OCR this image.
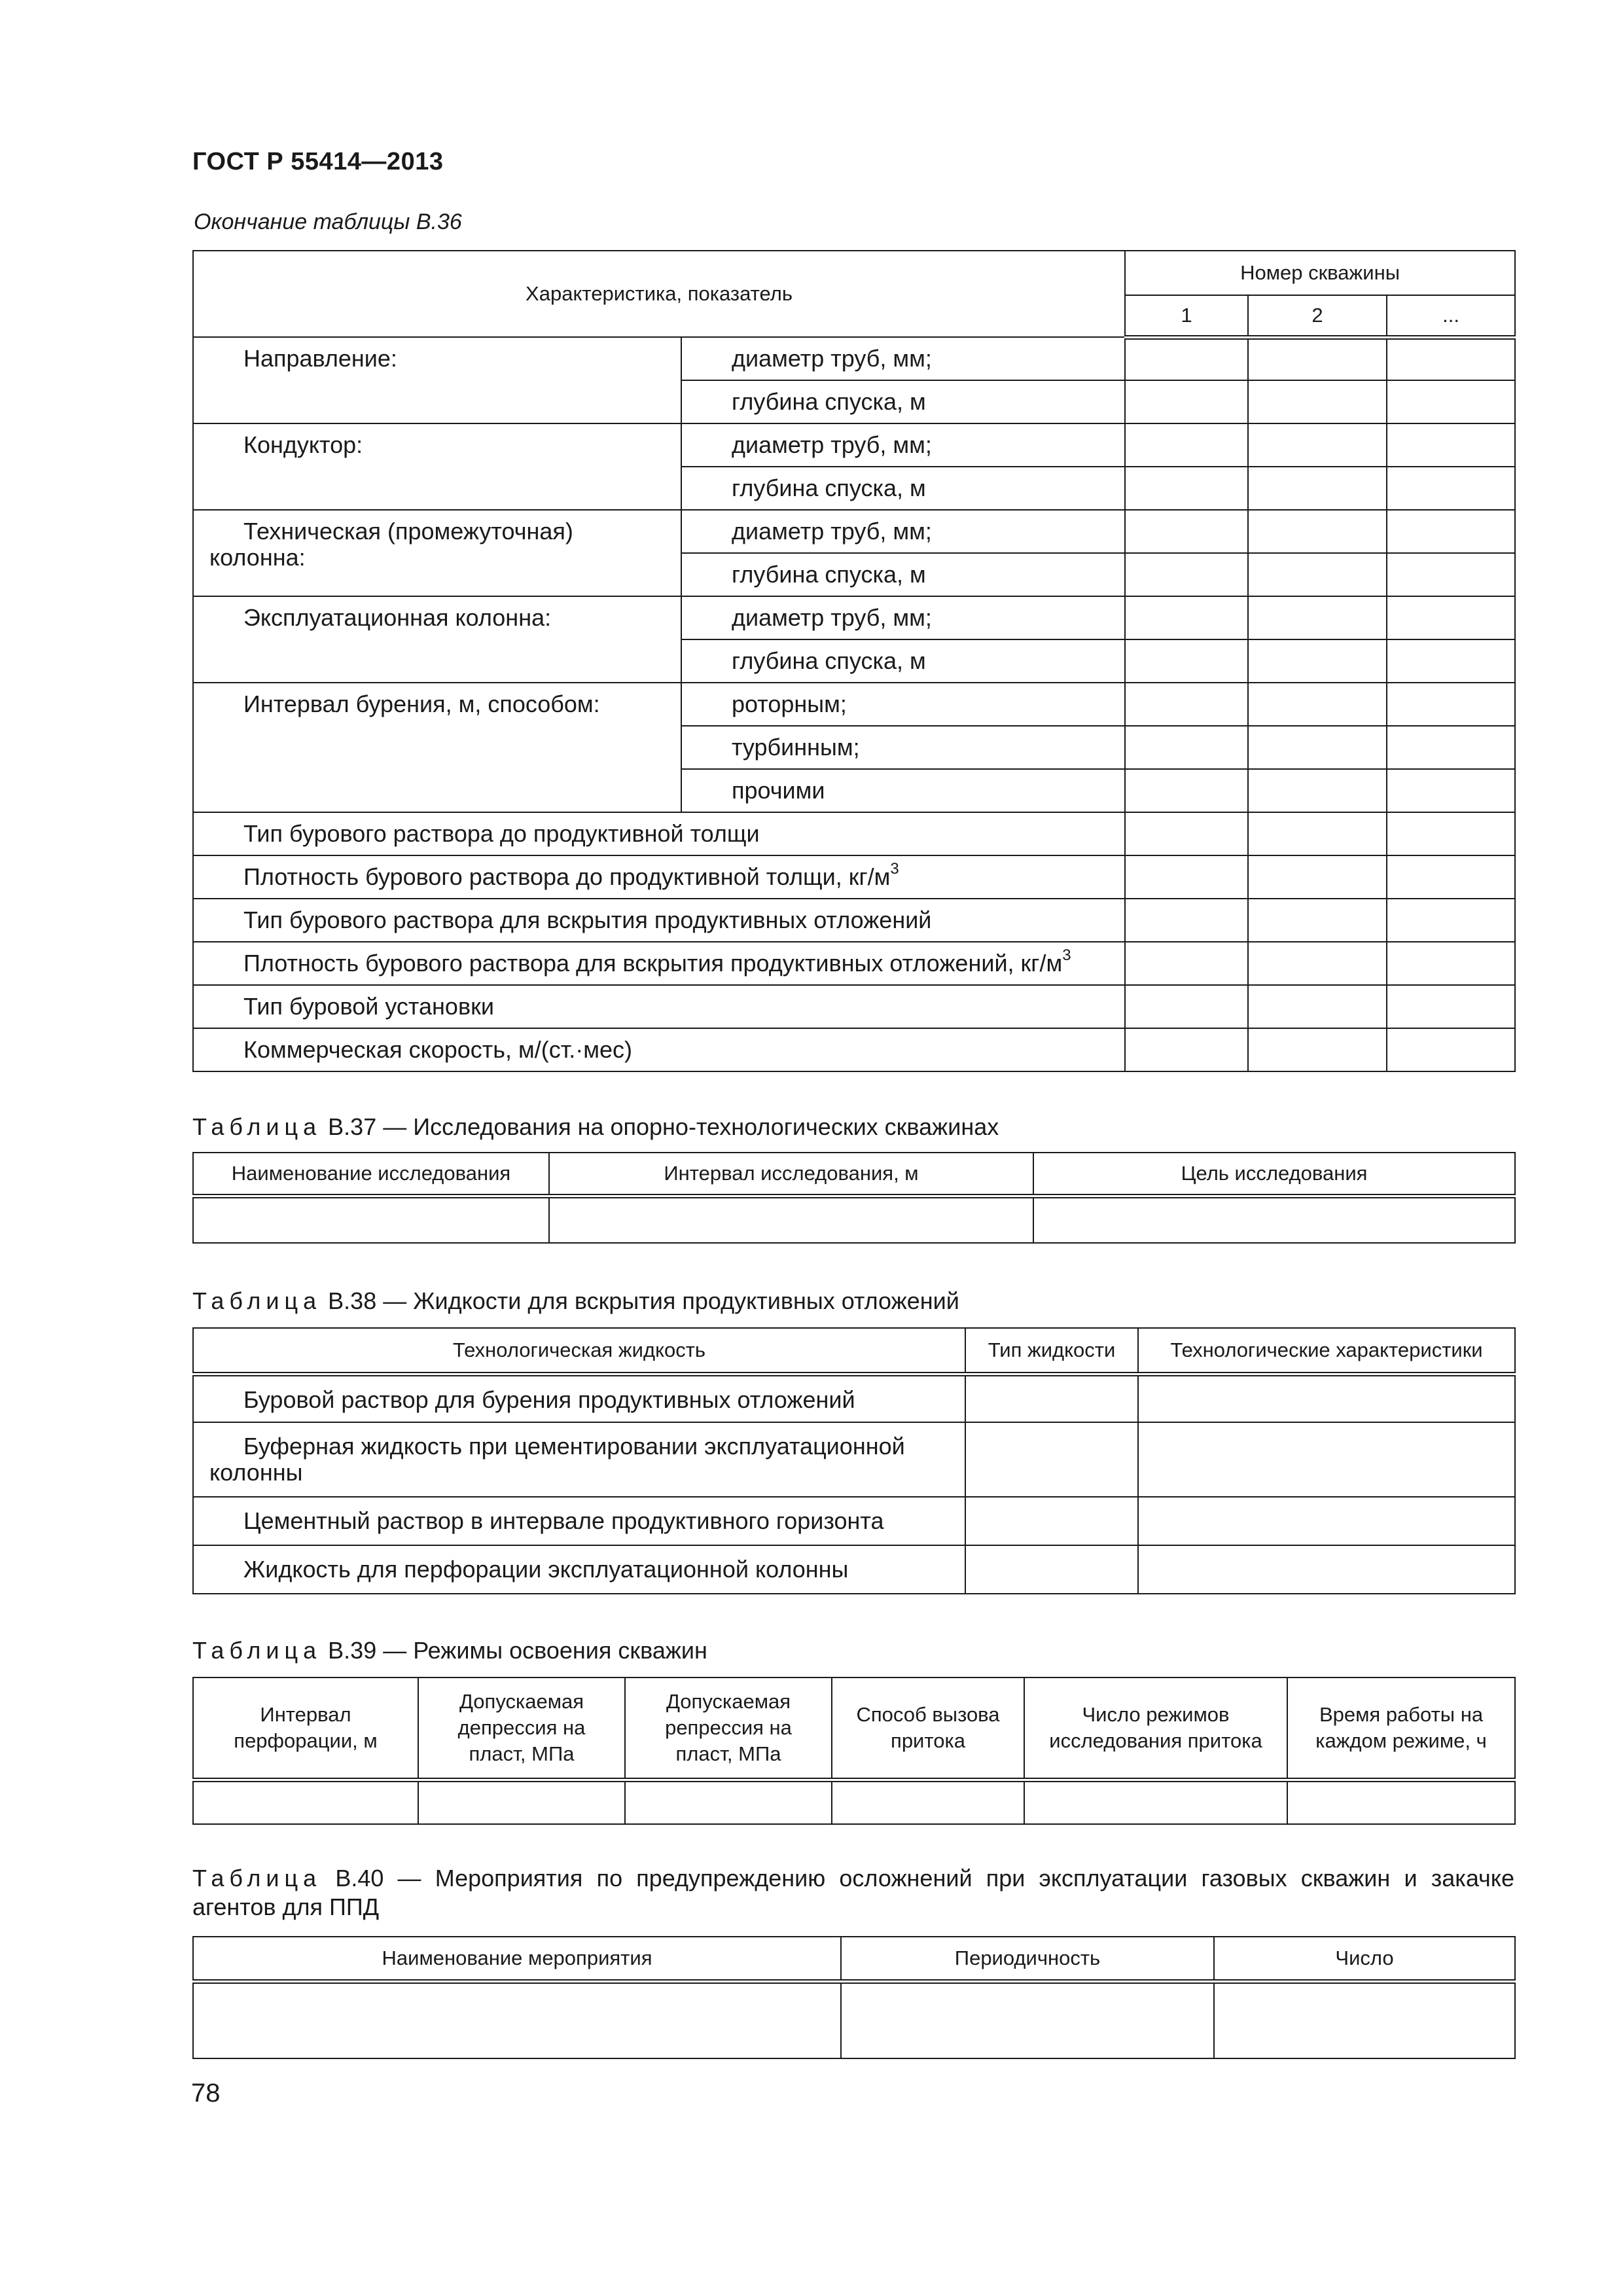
ГОСТ Р 55414—2013
Окончание таблицы В.36
Характеристика, показатель		Номер скважины		
		1	2	...
Направление:	диаметр труб, мм;			
	глубина спуска, м			
Кондуктор:	диаметр труб, мм;			
	глубина спуска, м			

Техническая (промежуточная)
колонна:	диаметр труб, мм;			
	глубина спуска, м			
Эксплуатационная колонна:	диаметр труб, мм;			
	глубина спуска, м			
Интервал бурения, м, способом:	роторным;			
	турбинным;			
	прочими			
Тип бурового раствора до продуктивной толщи				
Плотность бурового раствора до продуктивной толщи, $кг/м^3$			
Тип бурового раствора для вскрытия продуктивных отложений				
Плотность бурового раствора для вскрытия продуктивных отложений, $кг/м^3$			
Тип буровой установки				
Коммерческая скорость, м/(ст.·мес)				
Таблица В.37 — Исследования на опорно-технологических скважинах
Наименование исследования	Интервал исследования, м	Цель исследования

Таблица В.38 — Жидкости для вскрытия продуктивных отложений
Технологическая жидкость	Тип жидкости	Технологические характеристики
Буровой раствор для бурения продуктивных отложений		
Буферная жидкость при цементировании эксплуатационной колонны		
Цементный раствор в интервале продуктивного горизонта		
Жидкость для перфорации эксплуатационной колонны		
Таблица В.39 — Режимы освоения скважин
Интервал перфорации, м	Допускаемая депрессия на пласт, МПа	Допускаемая репрессия на пласт, МПа	Способ вызова притока	Число режимов исследования притока	Время работы на каждом режиме, ч

Таблица В.40 — Мероприятия по предупреждению осложнений при эксплуатации газовых скважин и закачке агентов для ППД
Наименование мероприятия	Периодичность	Число

78
